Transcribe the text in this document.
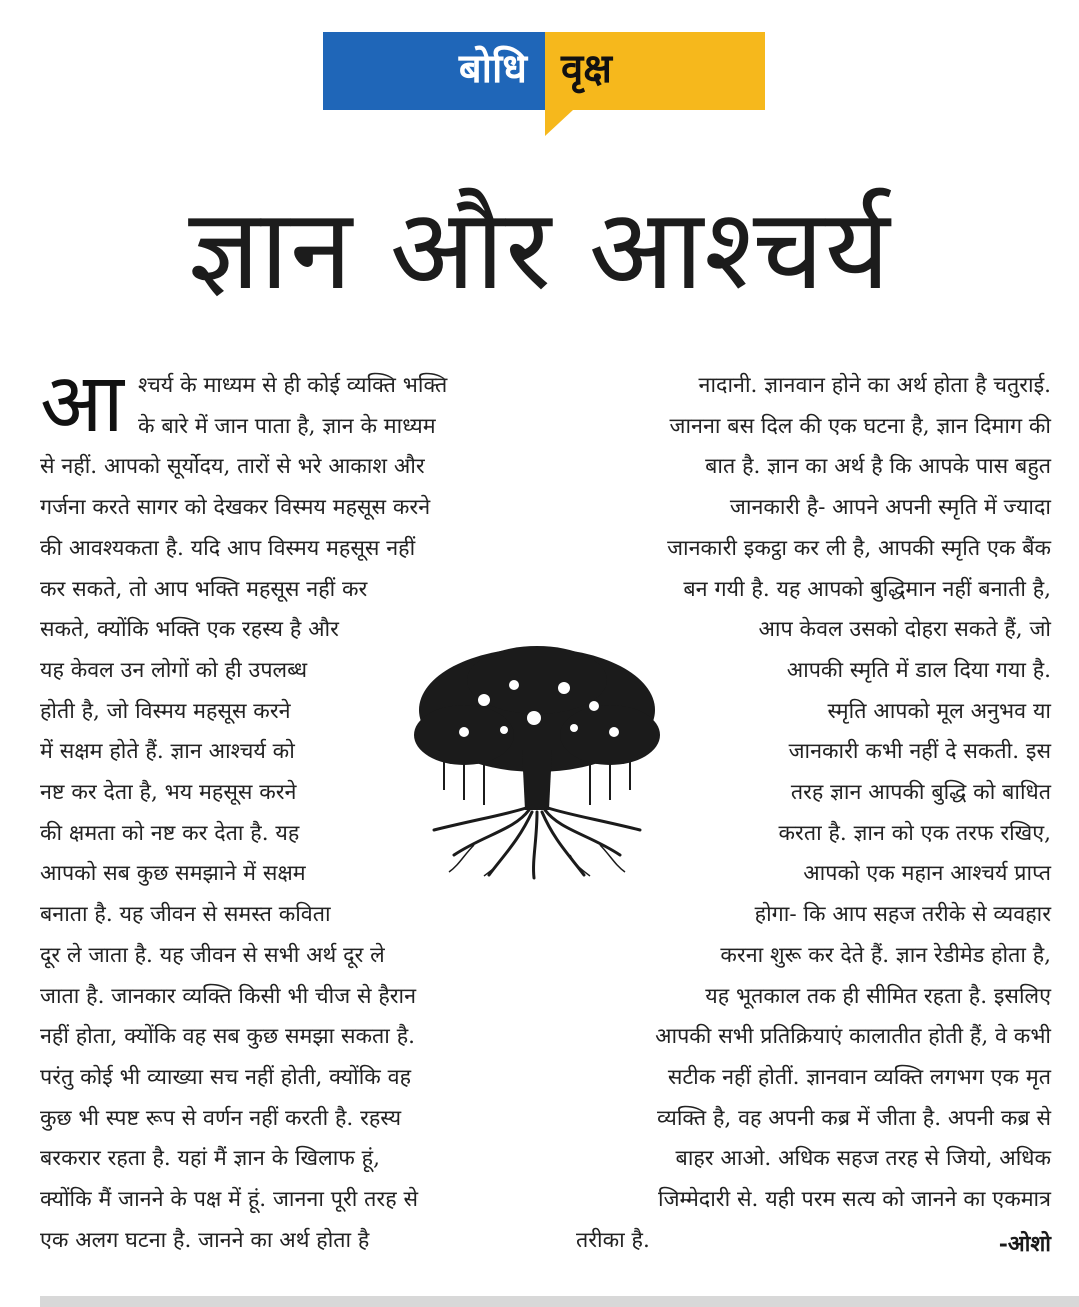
बोधि वृक्ष
ज्ञान और आश्चर्य
आ श्चर्य के माध्यम से ही कोई व्यक्ति भक्ति
के बारे में जान पाता है, ज्ञान के माध्यम
से नहीं. आपको सूर्योदय, तारों से भरे आकाश और
गर्जना करते सागर को देखकर विस्मय महसूस करने
की आवश्यकता है. यदि आप विस्मय महसूस नहीं
कर सकते, तो आप भक्ति महसूस नहीं कर
सकते, क्योंकि भक्ति एक रहस्य है और
यह केवल उन लोगों को ही उपलब्ध
होती है, जो विस्मय महसूस करने
में सक्षम होते हैं. ज्ञान आश्चर्य को
नष्ट कर देता है, भय महसूस करने
की क्षमता को नष्ट कर देता है. यह
आपको सब कुछ समझाने में सक्षम
बनाता है. यह जीवन से समस्त कविता
दूर ले जाता है. यह जीवन से सभी अर्थ दूर ले
जाता है. जानकार व्यक्ति किसी भी चीज से हैरान
नहीं होता, क्योंकि वह सब कुछ समझा सकता है.
परंतु कोई भी व्याख्या सच नहीं होती, क्योंकि वह
कुछ भी स्पष्ट रूप से वर्णन नहीं करती है. रहस्य
बरकरार रहता है. यहां मैं ज्ञान के खिलाफ हूं,
क्योंकि मैं जानने के पक्ष में हूं. जानना पूरी तरह से
एक अलग घटना है. जानने का अर्थ होता है
नादानी. ज्ञानवान होने का अर्थ होता है चतुराई.
जानना बस दिल की एक घटना है, ज्ञान दिमाग की
बात है. ज्ञान का अर्थ है कि आपके पास बहुत
जानकारी है- आपने अपनी स्मृति में ज्यादा
जानकारी इकट्ठा कर ली है, आपकी स्मृति एक बैंक
बन गयी है. यह आपको बुद्धिमान नहीं बनाती है,
आप केवल उसको दोहरा सकते हैं, जो
आपकी स्मृति में डाल दिया गया है.
स्मृति आपको मूल अनुभव या
जानकारी कभी नहीं दे सकती. इस
तरह ज्ञान आपकी बुद्धि को बाधित
करता है. ज्ञान को एक तरफ रखिए,
आपको एक महान आश्चर्य प्राप्त
होगा- कि आप सहज तरीके से व्यवहार
करना शुरू कर देते हैं. ज्ञान रेडीमेड होता है,
यह भूतकाल तक ही सीमित रहता है. इसलिए
आपकी सभी प्रतिक्रियाएं कालातीत होती हैं, वे कभी
सटीक नहीं होतीं. ज्ञानवान व्यक्ति लगभग एक मृत
व्यक्ति है, वह अपनी कब्र में जीता है. अपनी कब्र से
बाहर आओ. अधिक सहज तरह से जियो, अधिक
जिम्मेदारी से. यही परम सत्य को जानने का एकमात्र
तरीका है.	-ओशो
